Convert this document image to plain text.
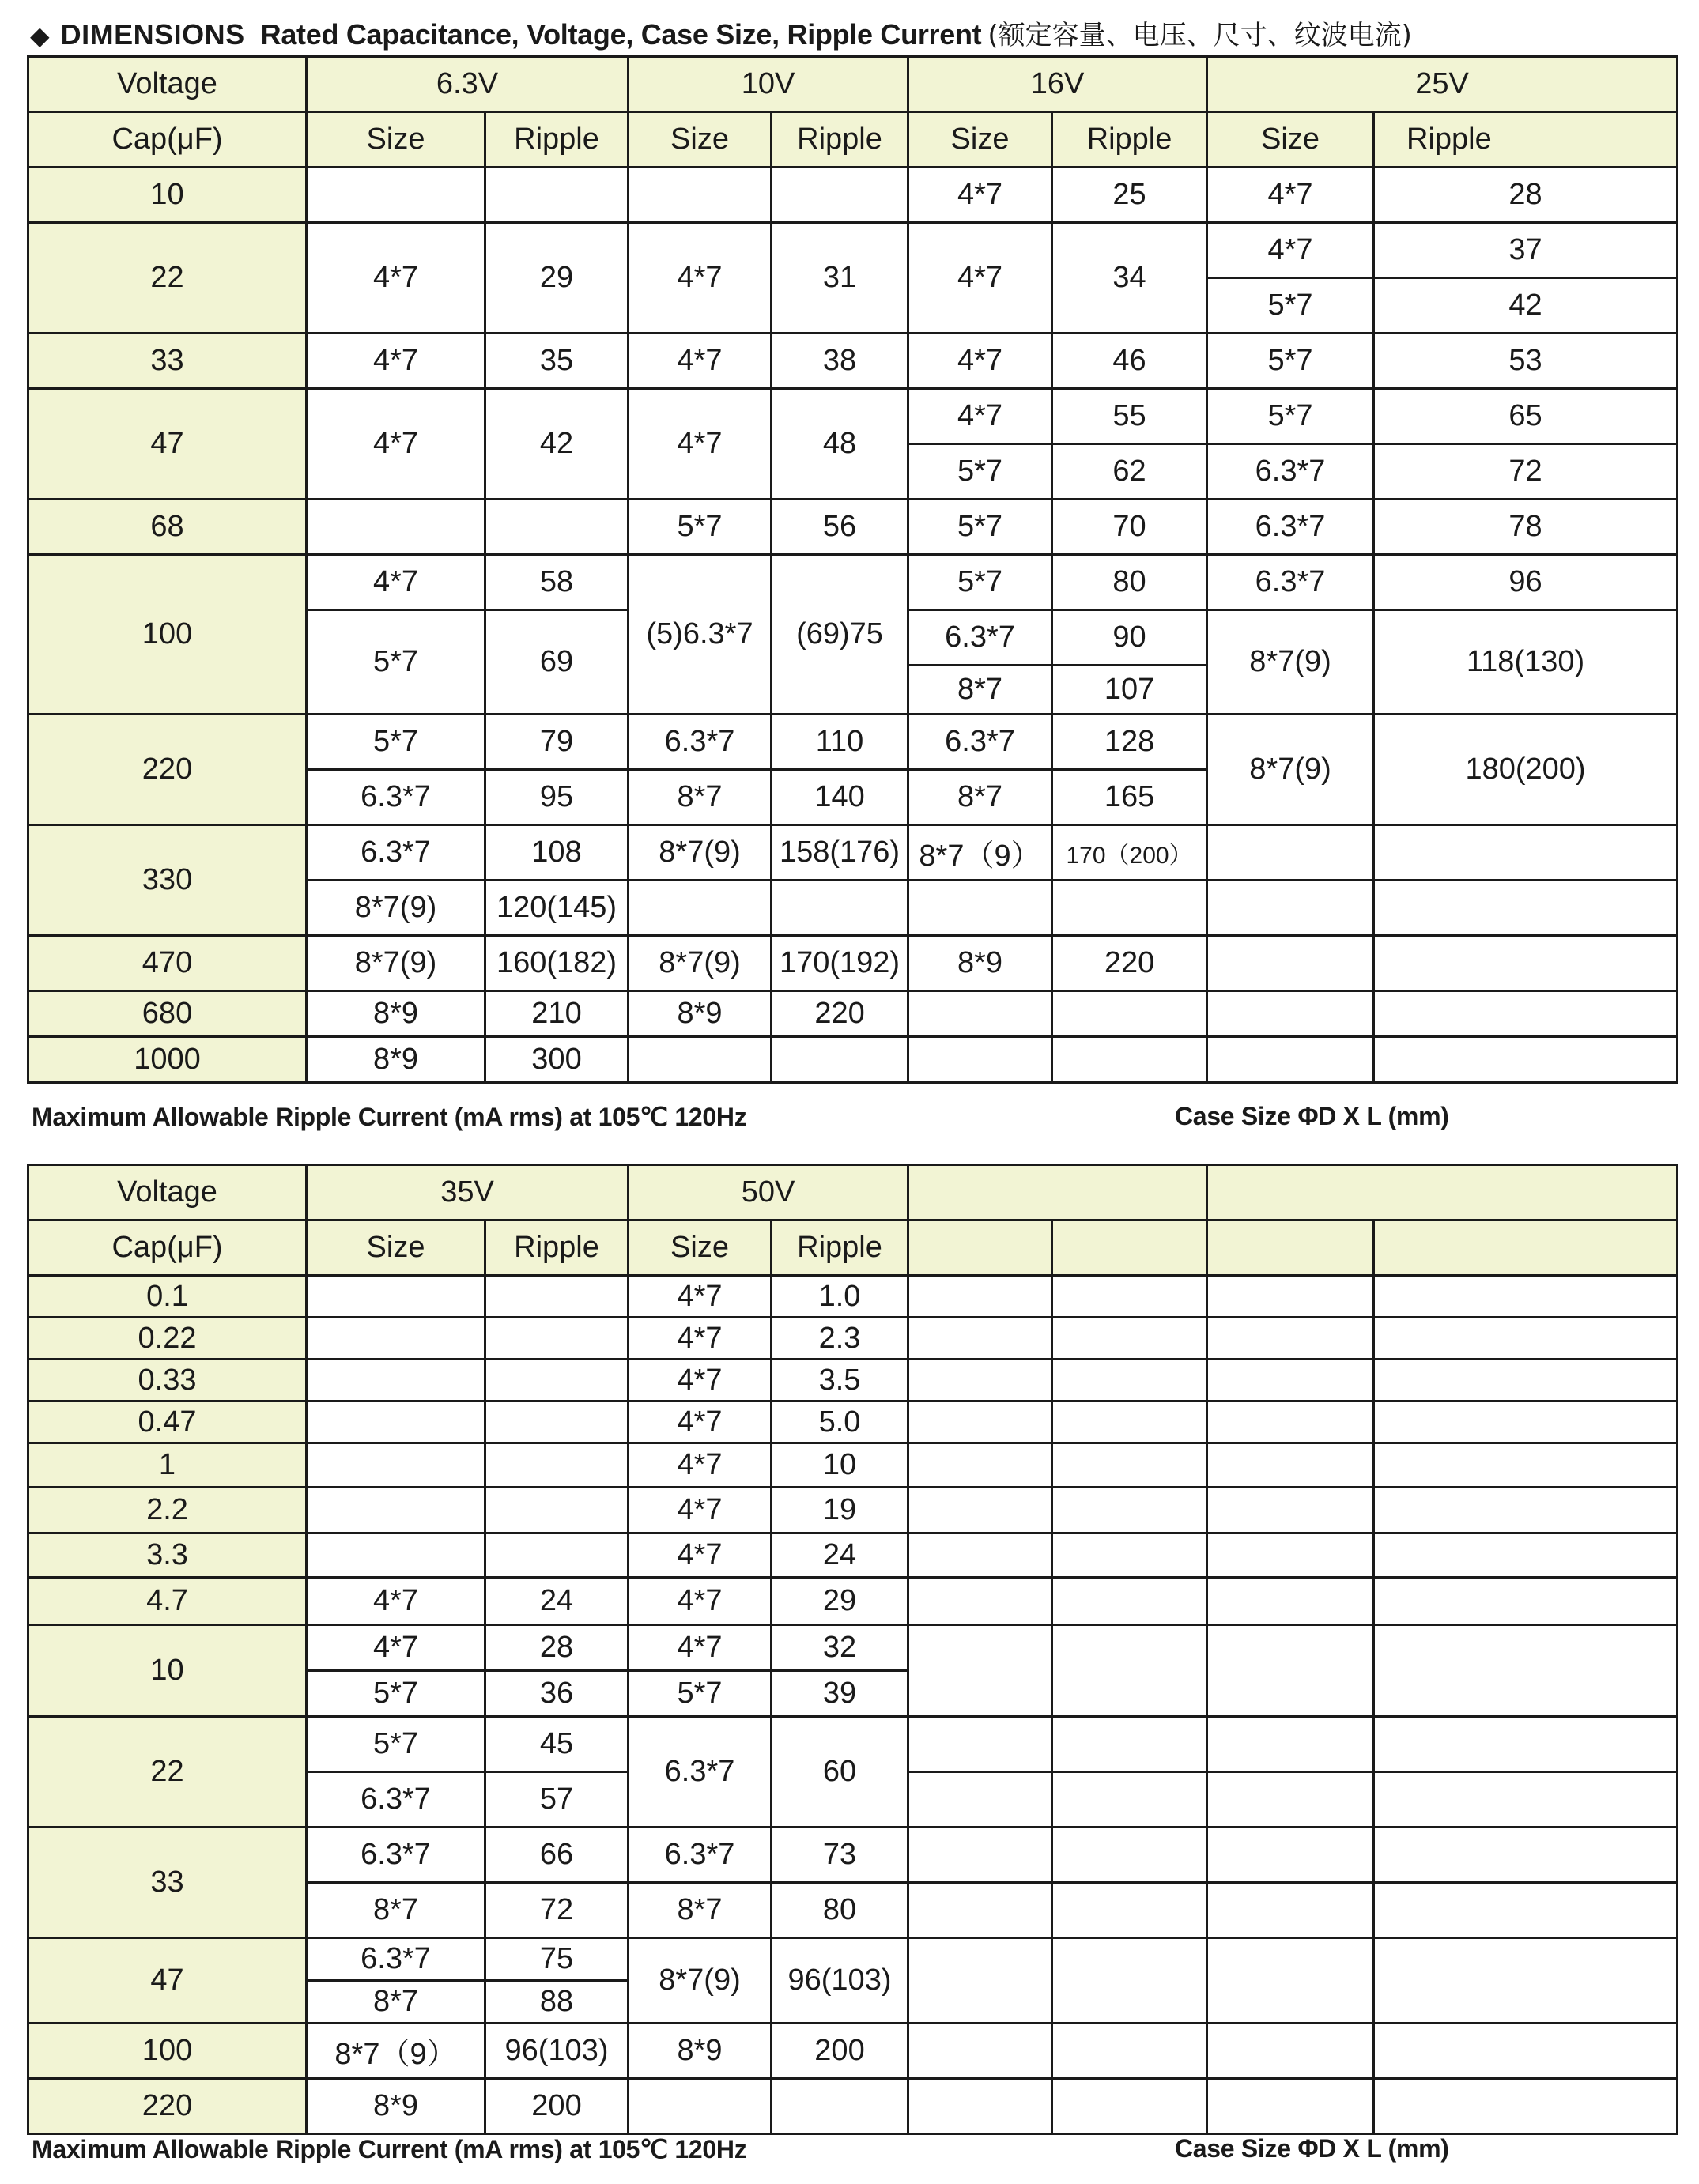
◆ DIMENSIONS Rated Capacitance, Voltage, Case Size, Ripple Current (额定容量、电压、尺寸、纹波电流)
Voltage	6.3V		10V		16V		25V	
Cap(μF)	Size	Ripple	Size	Ripple	Size	Ripple	Size	Ripple
10					4*7	25	4*7	28
22	4*7	29	4*7	31	4*7	34	4*7	37
							5*7	42
33	4*7	35	4*7	38	4*7	46	5*7	53
47	4*7	42	4*7	48	4*7	55	5*7	65
					5*7	62	6.3*7	72
68			5*7	56	5*7	70	6.3*7	78
100	4*7	58	(5)6.3*7	(69)75	5*7	80	6.3*7	96
	5*7	69			6.3*7	90	8*7(9)	118(130)
					8*7	107		
220	5*7	79	6.3*7	110	6.3*7	128	8*7(9)	180(200)
	6.3*7	95	8*7	140	8*7	165		
330	6.3*7	108	8*7(9)	158(176)	8*7（9）	170（200）		
	8*7(9)	120(145)						
470	8*7(9)	160(182)	8*7(9)	170(192)	8*9	220		
680	8*9	210	8*9	220				
1000	8*9	300						
Maximum Allowable Ripple Current (mA rms) at 105℃ 120Hz	Case Size ΦD X L (mm)
Voltage	35V		50V					
Cap(μF)	Size	Ripple	Size	Ripple				
0.1			4*7	1.0				
0.22			4*7	2.3				
0.33			4*7	3.5				
0.47			4*7	5.0				
1			4*7	10				
2.2			4*7	19				
3.3			4*7	24				
4.7	4*7	24	4*7	29				
10	4*7	28	4*7	32				
	5*7	36	5*7	39				
22	5*7	45	6.3*7	60				
	6.3*7	57						
33	6.3*7	66	6.3*7	73				
	8*7	72	8*7	80				
47	6.3*7	75	8*7(9)	96(103)				
	8*7	88						
100	8*7（9）	96(103)	8*9	200				
220	8*9	200						
Maximum Allowable Ripple Current (mA rms) at 105℃ 120Hz	Case Size ΦD X L (mm)
